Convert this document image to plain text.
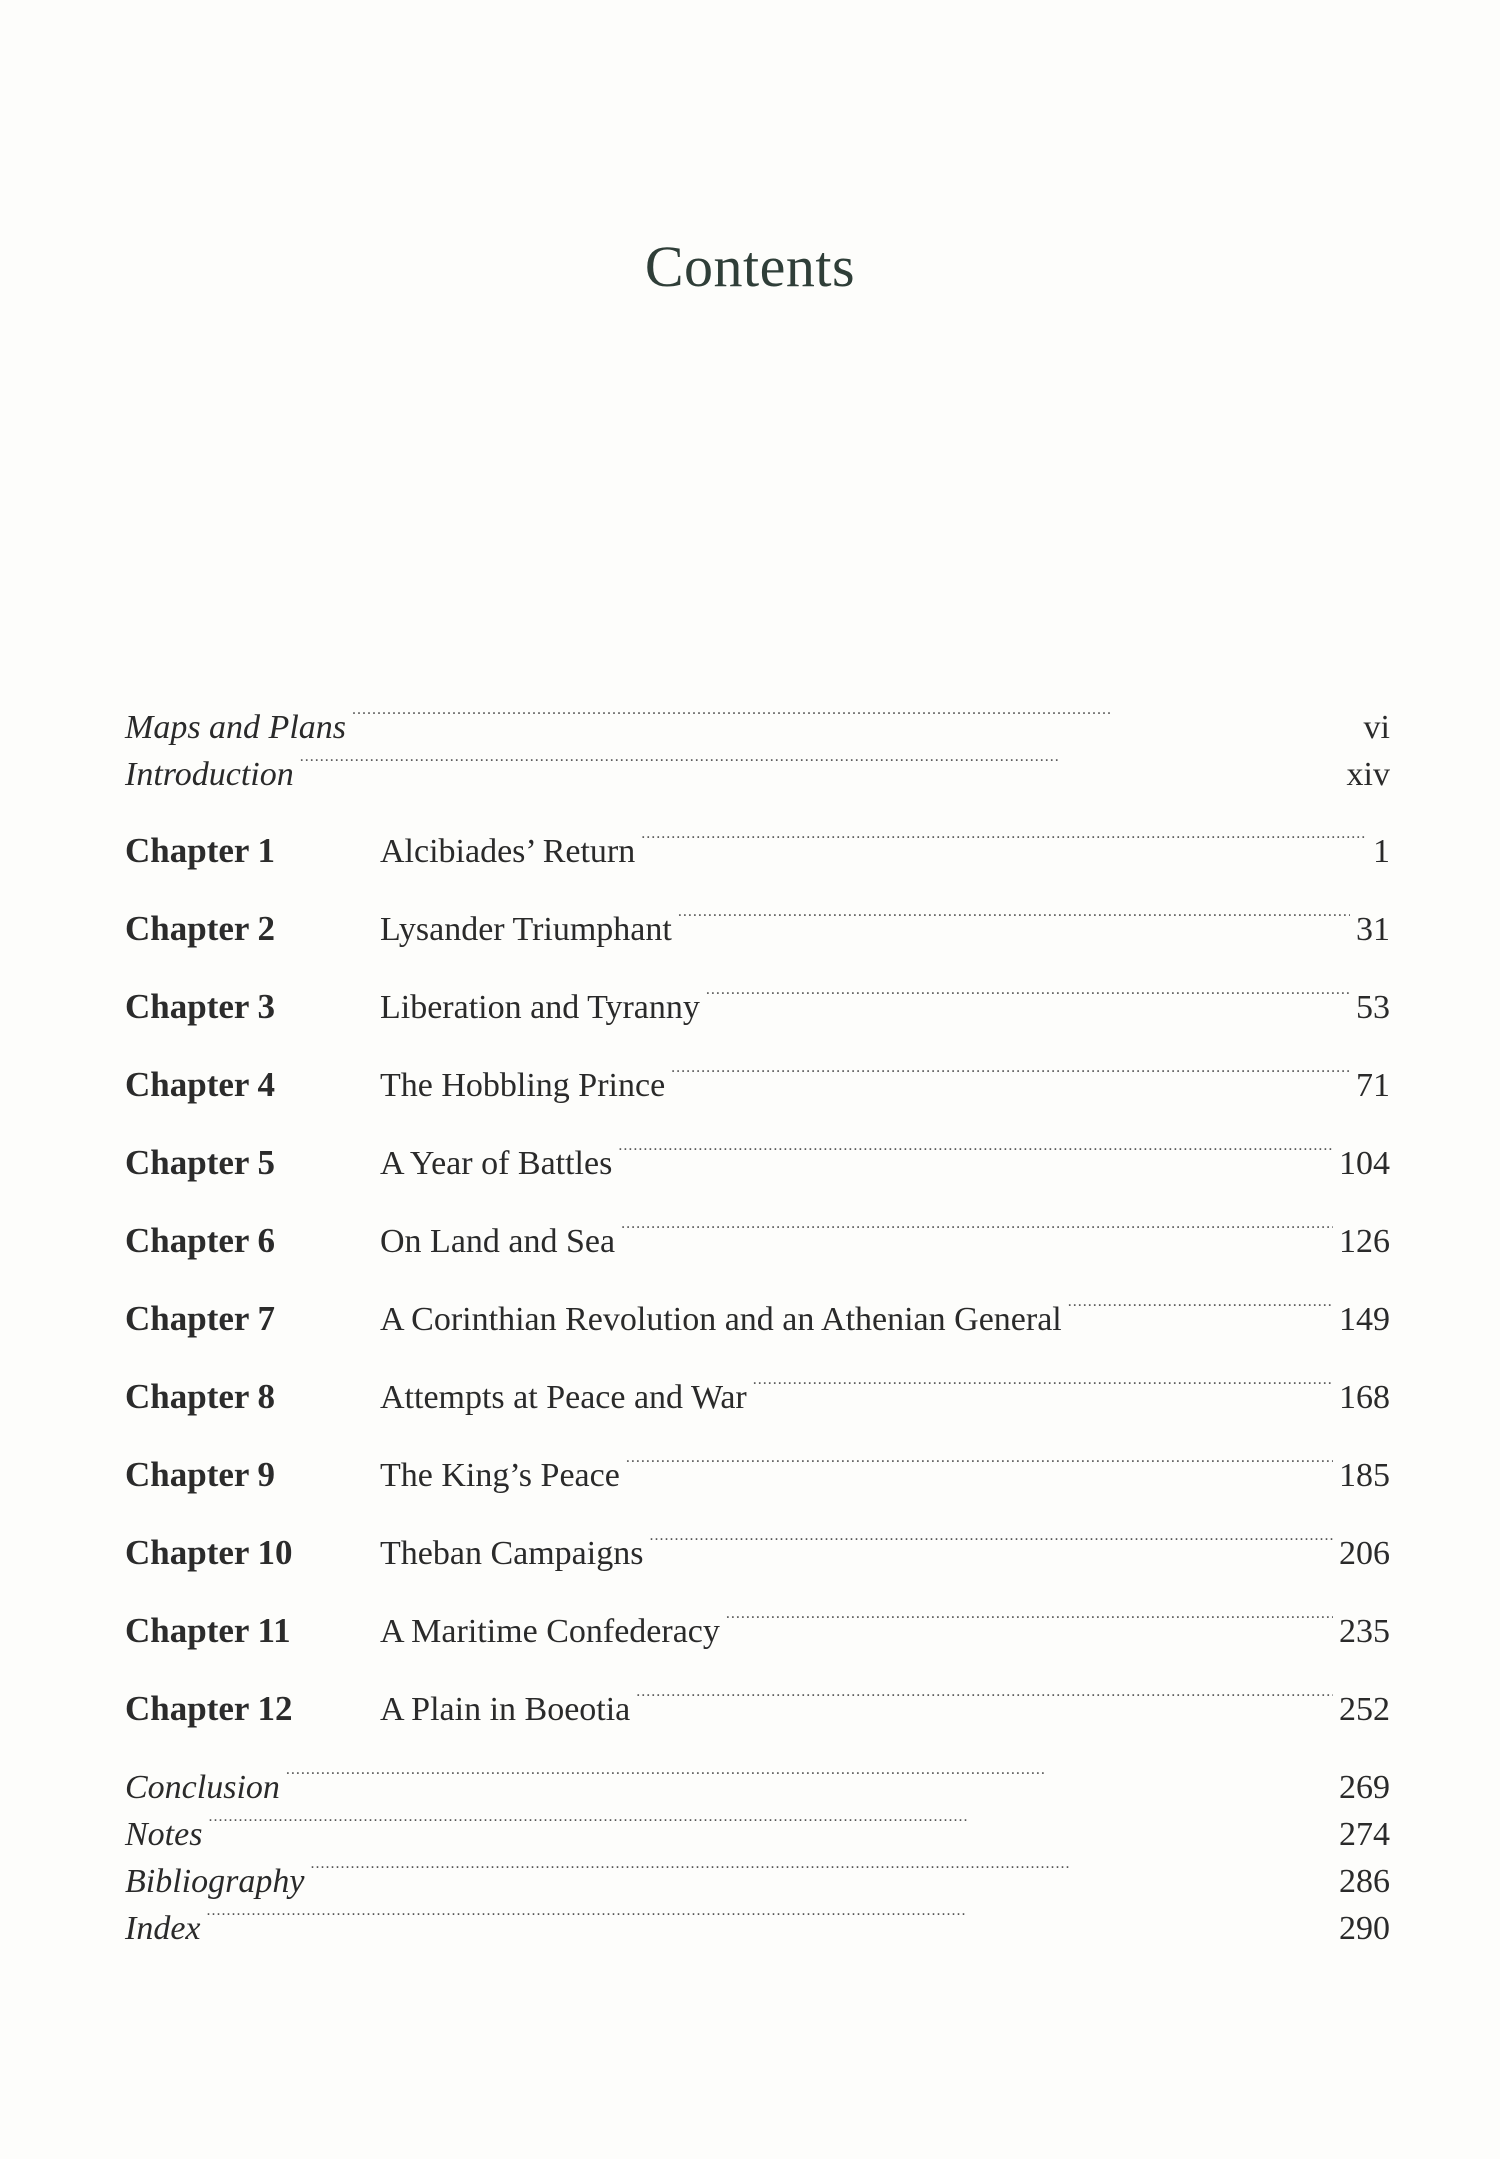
Contents
Maps and Plans . . .	vi
Introduction . . .	xiv
Chapter 1	Alcibiades’ Return . . .	1
Chapter 2	Lysander Triumphant . . .	31
Chapter 3	Liberation and Tyranny . . .	53
Chapter 4	The Hobbling Prince . . .	71
Chapter 5	A Year of Battles . . .	104
Chapter 6	On Land and Sea . . .	126
Chapter 7	A Corinthian Revolution and an Athenian General . . .	149
Chapter 8	Attempts at Peace and War . . .	168
Chapter 9	The King’s Peace . . .	185
Chapter 10	Theban Campaigns . . .	206
Chapter 11	A Maritime Confederacy . . .	235
Chapter 12	A Plain in Boeotia . . .	252
Conclusion . . .	269
Notes . . .	274
Bibliography . . .	286
Index . . .	290
